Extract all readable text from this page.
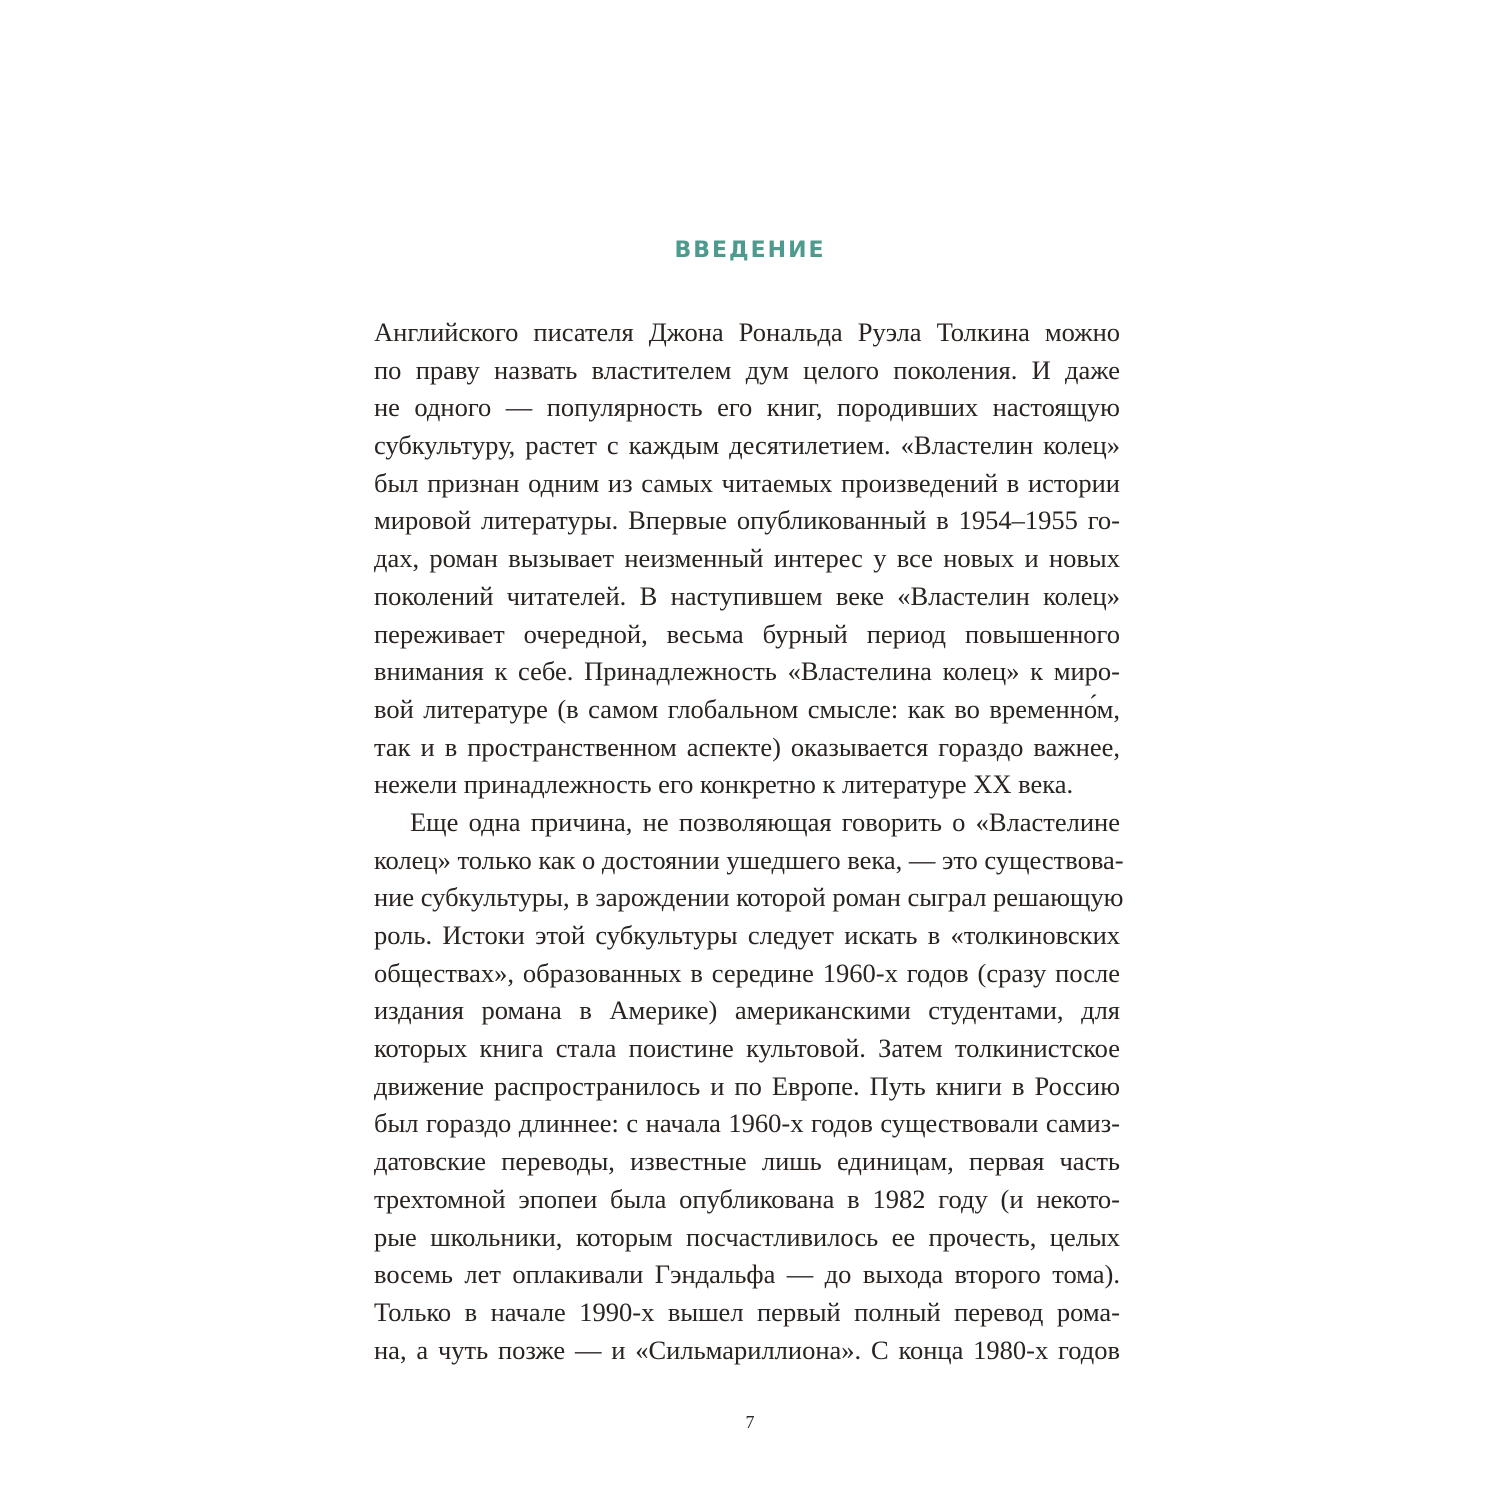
ВВЕДЕНИЕ
Английского писателя Джона Рональда Руэла Толкина можно
по праву назвать властителем дум целого поколения. И даже
не одного — популярность его книг, породивших настоящую
субкультуру, растет с каждым десятилетием. «Властелин колец»
был признан одним из самых читаемых произведений в истории
мировой литературы. Впервые опубликованный в 1954–1955 го-
дах, роман вызывает неизменный интерес у все новых и новых
поколений читателей. В наступившем веке «Властелин колец»
переживает очередной, весьма бурный период повышенного
внимания к себе. Принадлежность «Властелина колец» к миро-
вой литературе (в самом глобальном смысле: как во временно́м,
так и в пространственном аспекте) оказывается гораздо важнее,
нежели принадлежность его конкретно к литературе XX века.
Еще одна причина, не позволяющая говорить о «Властелине
колец» только как о достоянии ушедшего века, — это существова-
ние субкультуры, в зарождении которой роман сыграл решающую
роль. Истоки этой субкультуры следует искать в «толкиновских
обществах», образованных в середине 1960-х годов (сразу после
издания романа в Америке) американскими студентами, для
которых книга стала поистине культовой. Затем толкинистское
движение распространилось и по Европе. Путь книги в Россию
был гораздо длиннее: с начала 1960-х годов существовали самиз-
датовские переводы, известные лишь единицам, первая часть
трехтомной эпопеи была опубликована в 1982 году (и некото-
рые школьники, которым посчастливилось ее прочесть, целых
восемь лет оплакивали Гэндальфа — до выхода второго тома).
Только в начале 1990-х вышел первый полный перевод рома-
на, а чуть позже — и «Сильмариллиона». С конца 1980-х годов
7
